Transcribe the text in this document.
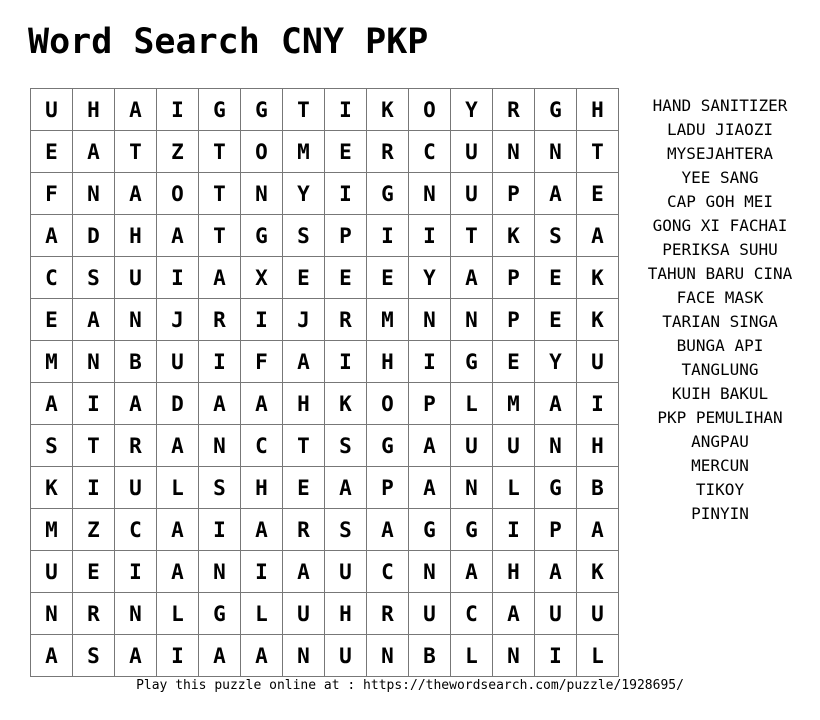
Word Search CNY PKP
U	H	A	I	G	G	T	I	K	O	Y	R	G	H
E	A	T	Z	T	O	M	E	R	C	U	N	N	T
F	N	A	O	T	N	Y	I	G	N	U	P	A	E
A	D	H	A	T	G	S	P	I	I	T	K	S	A
C	S	U	I	A	X	E	E	E	Y	A	P	E	K
E	A	N	J	R	I	J	R	M	N	N	P	E	K
M	N	B	U	I	F	A	I	H	I	G	E	Y	U
A	I	A	D	A	A	H	K	O	P	L	M	A	I
S	T	R	A	N	C	T	S	G	A	U	U	N	H
K	I	U	L	S	H	E	A	P	A	N	L	G	B
M	Z	C	A	I	A	R	S	A	G	G	I	P	A
U	E	I	A	N	I	A	U	C	N	A	H	A	K
N	R	N	L	G	L	U	H	R	U	C	A	U	U
A	S	A	I	A	A	N	U	N	B	L	N	I	L
HAND SANITIZER
LADU JIAOZI
MYSEJAHTERA
YEE SANG
CAP GOH MEI
GONG XI FACHAI
PERIKSA SUHU
TAHUN BARU CINA
FACE MASK
TARIAN SINGA
BUNGA API
TANGLUNG
KUIH BAKUL
PKP PEMULIHAN
ANGPAU
MERCUN
TIKOY
PINYIN
Play this puzzle online at : https://thewordsearch.com/puzzle/1928695/
